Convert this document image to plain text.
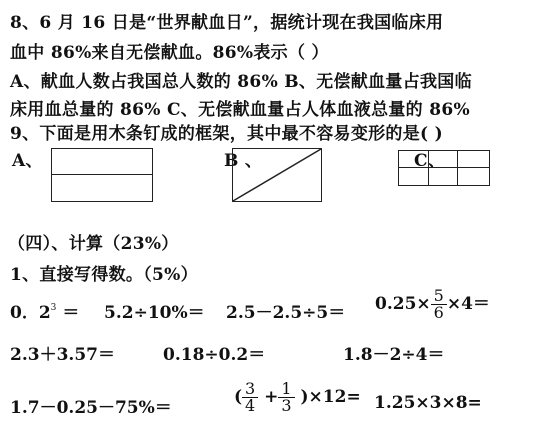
8、6 月 16 日是“世界献血日”，据统计现在我国临床用
血中 86%来自无偿献血。86%表示（ ）
A、献血人数占我国总人数的 86% B、无偿献血量占我国临
床用血总量的 86% C、无偿献血量占人体血液总量的 86%
9、下面是用木条钉成的框架，其中最不容易变形的是( )
A、	B 、	C、
（四）、计算（23%）
1、直接写得数。（5%）
0．$2^3 = 5.2\div 10\%= 2.5-2.5\div 5= 0.25\times \frac{5}{6} \times 4=$
2.3＋3.57＝	0.18÷0.2＝	1.8－2÷4＝
1.7－0.25－75%＝
( $\frac{3}{4} + \frac{1}{3} )\times 12= 1.25\times 3\times 8=$
